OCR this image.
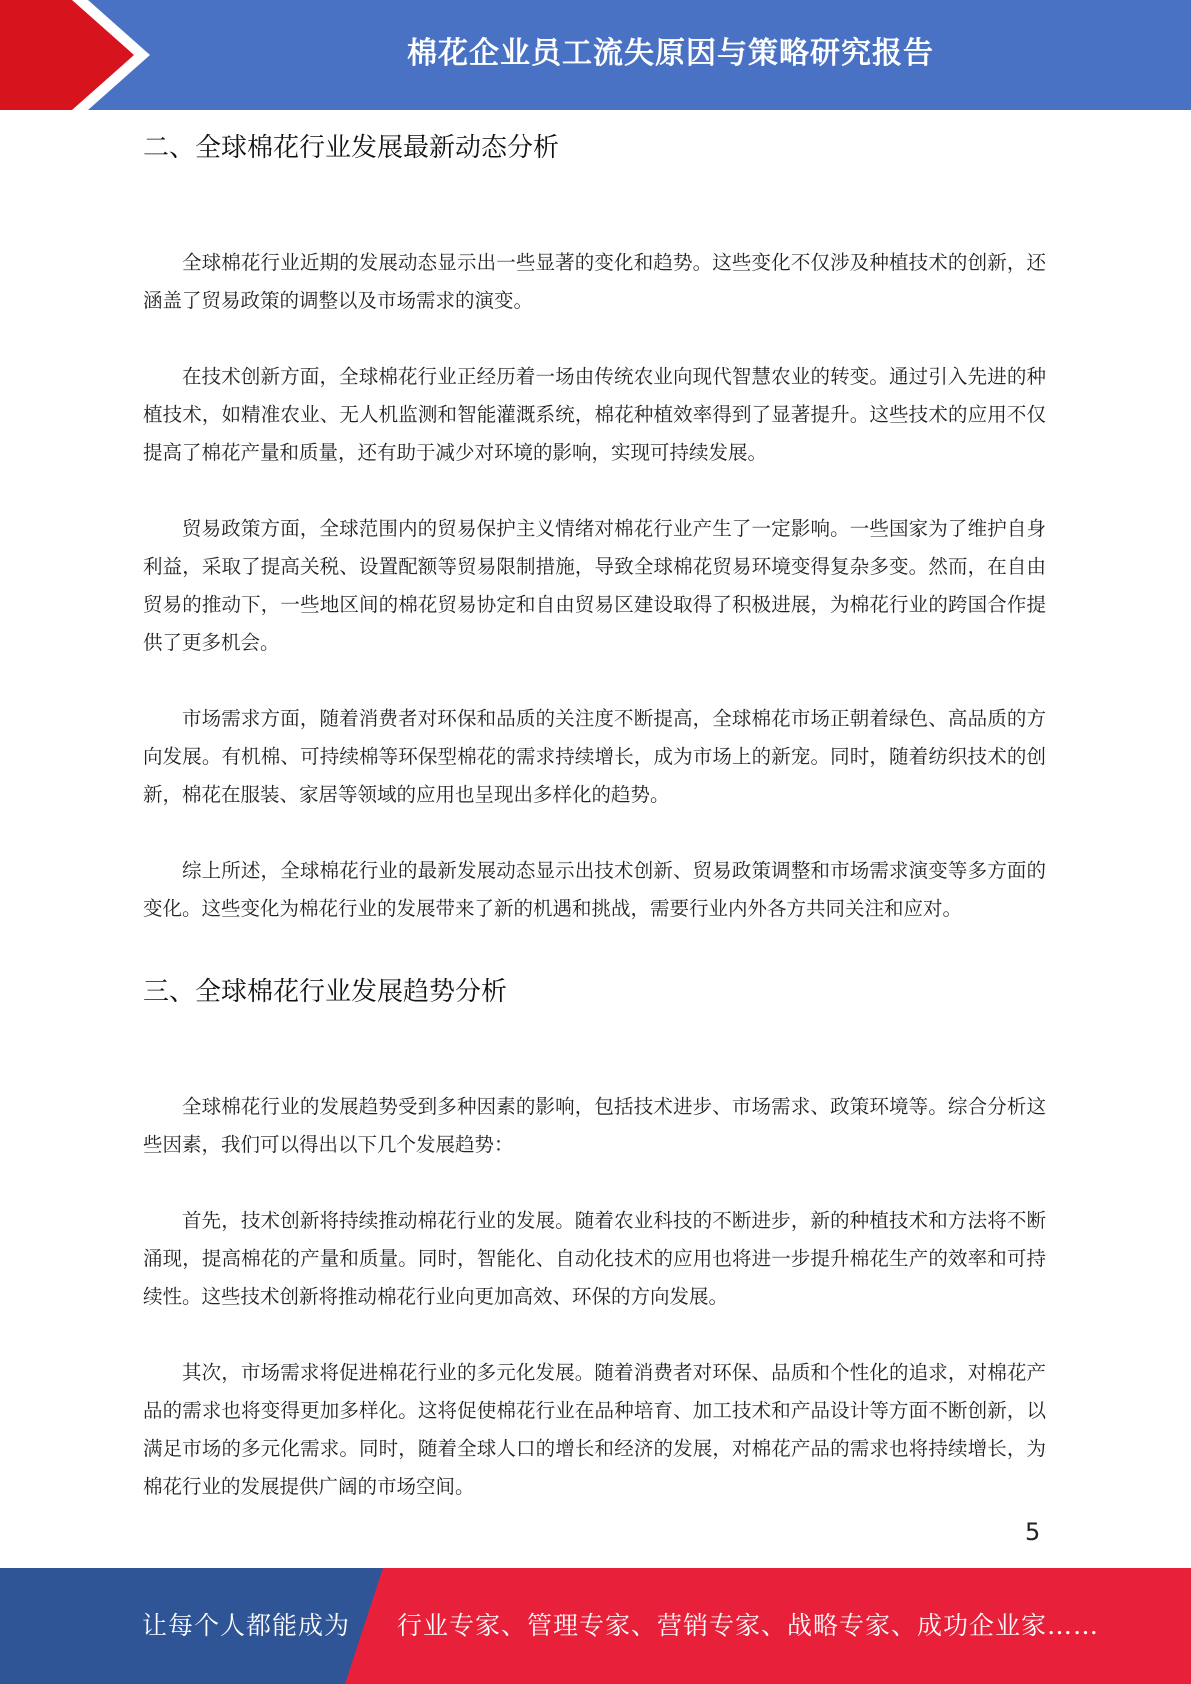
棉花企业员工流失原因与策略研究报告
二、全球棉花行业发展最新动态分析

全球棉花行业近期的发展动态显示出一些显著的变化和趋势。这些变化不仅涉及种植技术的创新，还涵盖了贸易政策的调整以及市场需求的演变。

在技术创新方面，全球棉花行业正经历着一场由传统农业向现代智慧农业的转变。通过引入先进的种植技术，如精准农业、无人机监测和智能灌溉系统，棉花种植效率得到了显著提升。这些技术的应用不仅提高了棉花产量和质量，还有助于减少对环境的影响，实现可持续发展。

贸易政策方面，全球范围内的贸易保护主义情绪对棉花行业产生了一定影响。一些国家为了维护自身利益，采取了提高关税、设置配额等贸易限制措施，导致全球棉花贸易环境变得复杂多变。然而，在自由贸易的推动下，一些地区间的棉花贸易协定和自由贸易区建设取得了积极进展，为棉花行业的跨国合作提供了更多机会。

市场需求方面，随着消费者对环保和品质的关注度不断提高，全球棉花市场正朝着绿色、高品质的方向发展。有机棉、可持续棉等环保型棉花的需求持续增长，成为市场上的新宠。同时，随着纺织技术的创新，棉花在服装、家居等领域的应用也呈现出多样化的趋势。

综上所述，全球棉花行业的最新发展动态显示出技术创新、贸易政策调整和市场需求演变等多方面的变化。这些变化为棉花行业的发展带来了新的机遇和挑战，需要行业内外各方共同关注和应对。

三、全球棉花行业发展趋势分析

全球棉花行业的发展趋势受到多种因素的影响，包括技术进步、市场需求、政策环境等。综合分析这些因素，我们可以得出以下几个发展趋势：

首先，技术创新将持续推动棉花行业的发展。随着农业科技的不断进步，新的种植技术和方法将不断涌现，提高棉花的产量和质量。同时，智能化、自动化技术的应用也将进一步提升棉花生产的效率和可持续性。这些技术创新将推动棉花行业向更加高效、环保的方向发展。

其次，市场需求将促进棉花行业的多元化发展。随着消费者对环保、品质和个性化的追求，对棉花产品的需求也将变得更加多样化。这将促使棉花行业在品种培育、加工技术和产品设计等方面不断创新，以满足市场的多元化需求。同时，随着全球人口的增长和经济的发展，对棉花产品的需求也将持续增长，为棉花行业的发展提供广阔的市场空间。

5
让每个人都能成为 行业专家、管理专家、营销专家、战略专家、成功企业家……
